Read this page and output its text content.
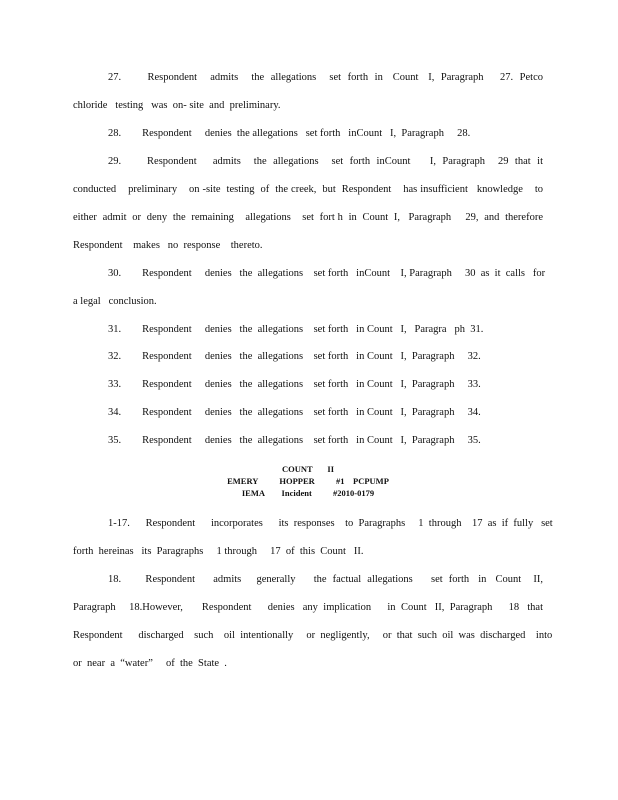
27.        Respondent    admits    the  allegations    set  forth  in   Count   I,  Paragraph     27.  Petco
chloride   testing   was  on- site  and  preliminary.
28.        Respondent     denies  the allegations   set forth   inCount   I,  Paragraph     28.
29.        Respondent     admits    the  allegations    set  forth  inCount      I,  Paragraph    29  that  it
conducted    preliminary    on -site  testing  of  the creek,  but  Respondent    has insufficient   knowledge    to
either  admit  or  deny  the  remaining    allegations    set  fort h  in  Count  I,   Paragraph     29,  and  therefore
Respondent    makes   no  response    thereto.
30.        Respondent     denies   the  allegations    set forth   inCount    I, Paragraph     30  as  it  calls   for
a legal   conclusion.
31.        Respondent     denies   the  allegations    set forth   in Count   I,   Paragra   ph  31.
32.        Respondent     denies   the  allegations    set forth   in Count   I,  Paragraph     32.
33.        Respondent     denies   the  allegations    set forth   in Count   I,  Paragraph     33.
34.        Respondent     denies   the  allegations    set forth   in Count   I,  Paragraph     34.
35.        Respondent     denies   the  allegations    set forth   in Count   I,  Paragraph     35.
COUNT       II
EMERY          HOPPER          #1    PCPUMP
IEMA        Incident          #2010-0179
1-17.      Respondent      incorporates      its  responses    to  Paragraphs     1  through    17  as  if  fully   set
forth  hereinas   its  Paragraphs     1 through     17  of  this  Count   II.
18.        Respondent      admits     generally      the  factual  allegations      set  forth   in   Count    II,
Paragraph     18.However,       Respondent      denies   any  implication      in  Count   II,  Paragraph      18   that
Respondent      discharged    such    oil  intentionally     or  negligently,     or  that  such  oil  was  discharged    into
or  near  a  “water”     of  the  State  .
